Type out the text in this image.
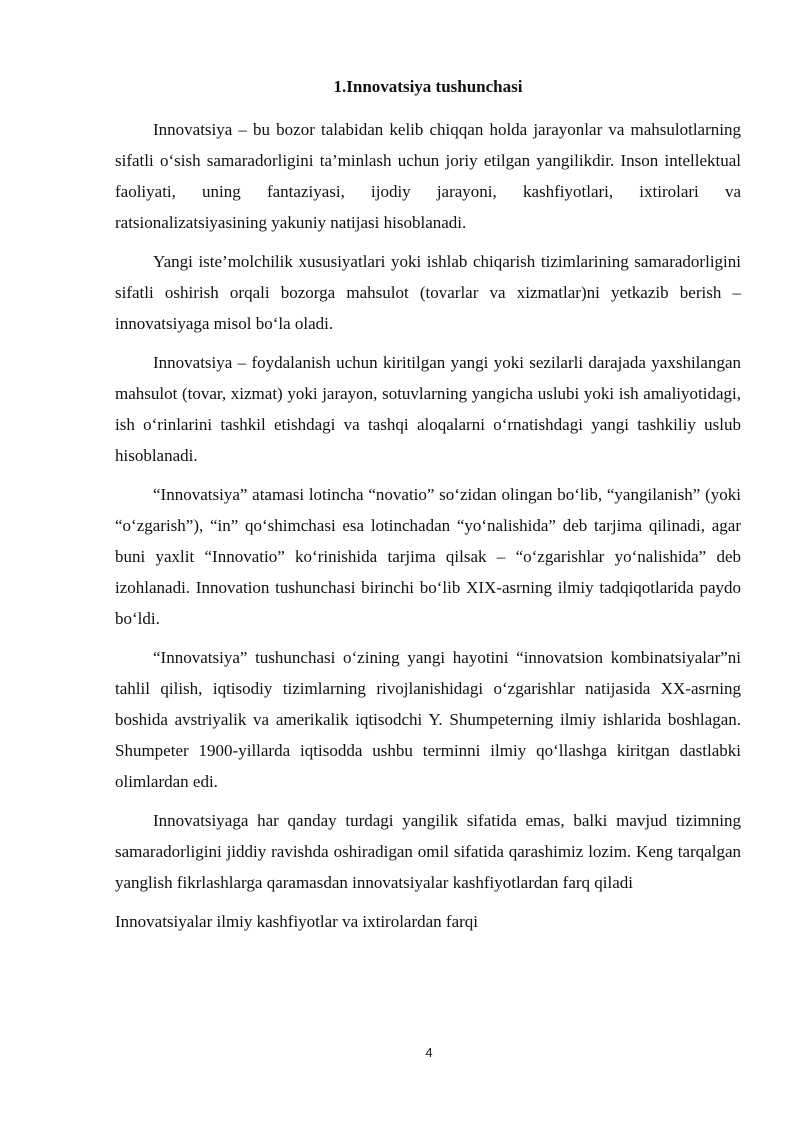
1.Innovatsiya tushunchasi

Innovatsiya – bu bozor talabidan kelib chiqqan holda jarayonlar va mahsulotlarning sifatli o‘sish samaradorligini ta’minlash uchun joriy etilgan yangilikdir. Inson intellektual faoliyati, uning fantaziyasi, ijodiy jarayoni, kashfiyotlari, ixtirolari va ratsionalizatsiyasining yakuniy natijasi hisoblanadi.

Yangi iste’molchilik xususiyatlari yoki ishlab chiqarish tizimlarining samaradorligini sifatli oshirish orqali bozorga mahsulot (tovarlar va xizmatlar)ni yetkazib berish – innovatsiyaga misol bo‘la oladi.

Innovatsiya – foydalanish uchun kiritilgan yangi yoki sezilarli darajada yaxshilangan mahsulot (tovar, xizmat) yoki jarayon, sotuvlarning yangicha uslubi yoki ish amaliyotidagi, ish o‘rinlarini tashkil etishdagi va tashqi aloqalarni o‘rnatishdagi yangi tashkiliy uslub hisoblanadi.

“Innovatsiya” atamasi lotincha “novatio” so‘zidan olingan bo‘lib, “yangilanish” (yoki “o‘zgarish”), “in” qo‘shimchasi esa lotinchadan “yo‘nalishida” deb tarjima qilinadi, agar buni yaxlit “Innovatio” ko‘rinishida tarjima qilsak – “o‘zgarishlar yo‘nalishida” deb izohlanadi. Innovation tushunchasi birinchi bo‘lib XIX-asrning ilmiy tadqiqotlarida paydo bo‘ldi.

“Innovatsiya” tushunchasi o‘zining yangi hayotini “innovatsion kombinatsiyalar”ni tahlil qilish, iqtisodiy tizimlarning rivojlanishidagi o‘zgarishlar natijasida XX-asrning boshida avstriyalik va amerikalik iqtisodchi Y. Shumpeterning ilmiy ishlarida boshlagan. Shumpeter 1900-yillarda iqtisodda ushbu terminni ilmiy qo‘llashga kiritgan dastlabki olimlardan edi.

Innovatsiyaga har qanday turdagi yangilik sifatida emas, balki mavjud tizimning samaradorligini jiddiy ravishda oshiradigan omil sifatida qarashimiz lozim. Keng tarqalgan yanglish fikrlashlarga qaramasdan innovatsiyalar kashfiyotlardan farq qiladi

Innovatsiyalar ilmiy kashfiyotlar va ixtirolardan farqi

4
